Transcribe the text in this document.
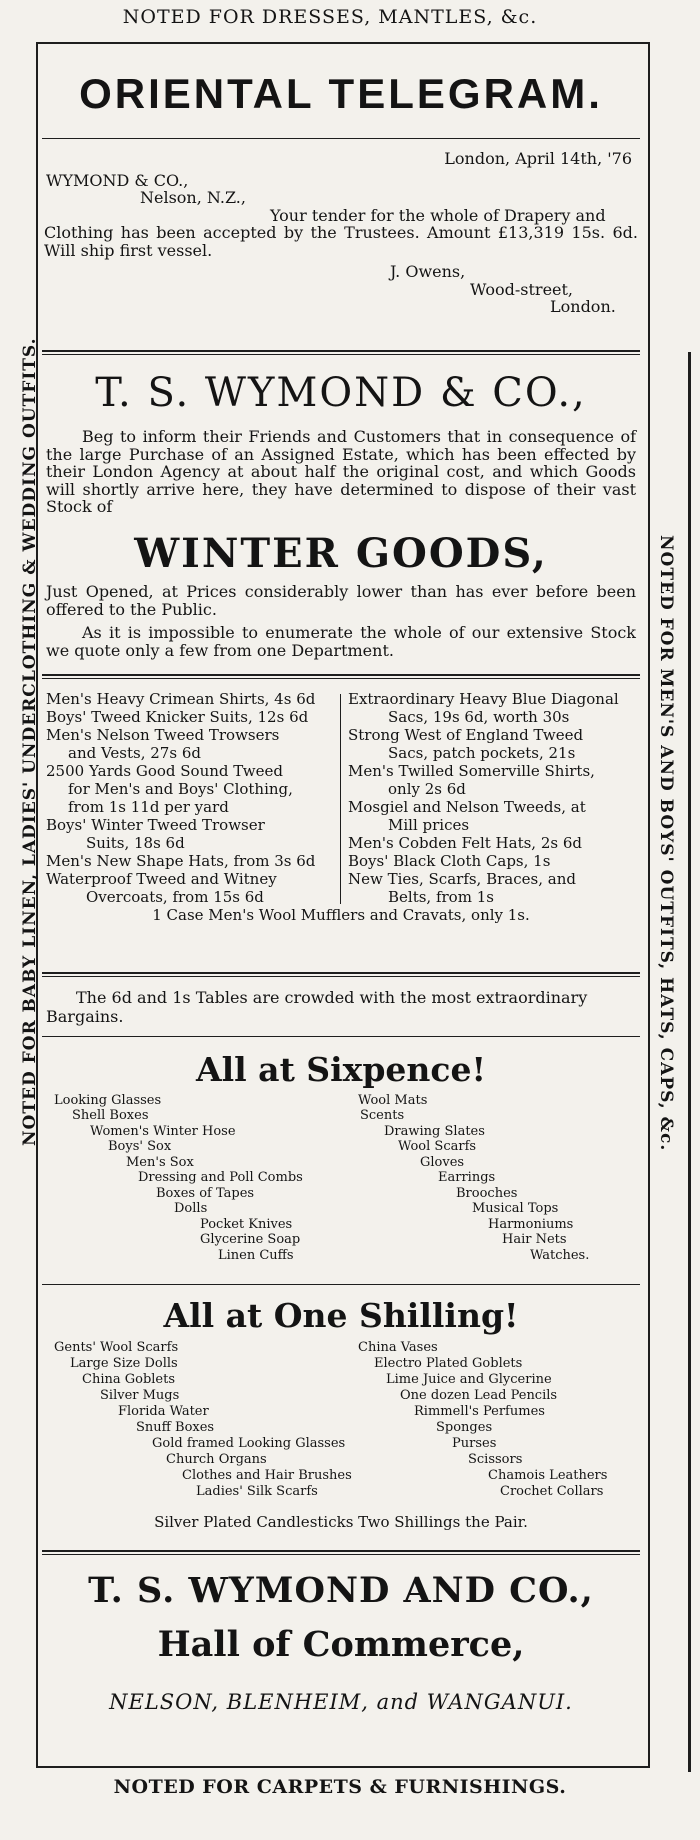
NOTED FOR DRESSES, MANTLES, &c.
NOTED FOR BABY LINEN, LADIES' UNDERCLOTHING & WEDDING OUTFITS.	NOTED FOR MEN'S AND BOYS' OUTFITS, HATS, CAPS, &c.
ORIENTAL TELEGRAM.
London, April 14th, '76
WYMOND & CO.,
Nelson, N.Z.,
Your tender for the whole of Drapery and
Clothing has been accepted by the Trustees. Amount £13,319 15s. 6d. Will ship first vessel.
J. Owens,
Wood-street,
London.
T. S. WYMOND & CO.,
Beg to inform their Friends and Customers that in consequence of the large Purchase of an Assigned Estate, which has been effected by their London Agency at about half the original cost, and which Goods will shortly arrive here, they have determined to dispose of their vast Stock of
WINTER GOODS,
Just Opened, at Prices considerably lower than has ever before been offered to the Public.
As it is impossible to enumerate the whole of our extensive Stock we quote only a few from one Department.
Men's Heavy Crimean Shirts, 4s 6d
Boys' Tweed Knicker Suits, 12s 6d
Men's Nelson Tweed Trowsers
and Vests, 27s 6d
2500 Yards Good Sound Tweed
for Men's and Boys' Clothing,
from 1s 11d per yard
Boys' Winter Tweed Trowser
Suits, 18s 6d
Men's New Shape Hats, from 3s 6d
Waterproof Tweed and Witney
Overcoats, from 15s 6d
Extraordinary Heavy Blue Diagonal
Sacs, 19s 6d, worth 30s
Strong West of England Tweed
Sacs, patch pockets, 21s
Men's Twilled Somerville Shirts,
only 2s 6d
Mosgiel and Nelson Tweeds, at
Mill prices
Men's Cobden Felt Hats, 2s 6d
Boys' Black Cloth Caps, 1s
New Ties, Scarfs, Braces, and
Belts, from 1s
1 Case Men's Wool Mufflers and Cravats, only 1s.
The 6d and 1s Tables are crowded with the most extraordinary Bargains.
All at Sixpence!
Looking Glasses
Shell Boxes
Women's Winter Hose
Boys' Sox
Men's Sox
Dressing and Poll Combs
Boxes of Tapes
Dolls
Pocket Knives
Glycerine Soap
Linen Cuffs
Wool Mats
Scents
Drawing Slates
Wool Scarfs
Gloves
Earrings
Brooches
Musical Tops
Harmoniums
Hair Nets
Watches.
All at One Shilling!
Gents' Wool Scarfs
Large Size Dolls
China Goblets
Silver Mugs
Florida Water
Snuff Boxes
Gold framed Looking Glasses
Church Organs
Clothes and Hair Brushes
Ladies' Silk Scarfs
China Vases
Electro Plated Goblets
Lime Juice and Glycerine
One dozen Lead Pencils
Rimmell's Perfumes
Sponges
Purses
Scissors
Chamois Leathers
Crochet Collars
Silver Plated Candlesticks Two Shillings the Pair.
T. S. WYMOND AND CO.,
Hall of Commerce,
NELSON, BLENHEIM, and WANGANUI.
NOTED FOR CARPETS & FURNISHINGS.
